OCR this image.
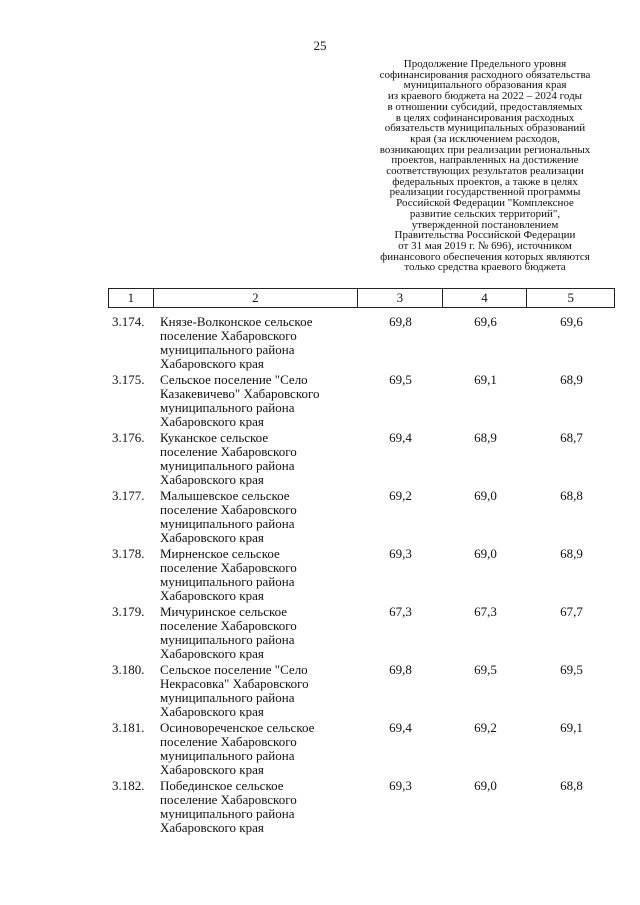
25
Продолжение Предельного уровня
софинансирования расходного обязательства
муниципального образования края
из краевого бюджета на 2022 – 2024 годы
в отношении субсидий, предоставляемых
в целях софинансирования расходных
обязательств муниципальных образований
края (за исключением расходов,
возникающих при реализации региональных
проектов, направленных на достижение
соответствующих результатов реализации
федеральных проектов, а также в целях
реализации государственной программы
Российской Федерации "Комплексное
развитие сельских территорий",
утвержденной постановлением
Правительства Российской Федерации
от 31 мая 2019 г. № 696), источником
финансового обеспечения которых являются
только средства краевого бюджета
1	2	3	4	5
3.174.	Князе-Волконское сельское
поселение Хабаровского
муниципального района
Хабаровского края
69,8	69,6	69,6
3.175.	Сельское поселение "Село
Казакевичево" Хабаровского
муниципального района
Хабаровского края
69,5	69,1	68,9
3.176.	Куканское сельское
поселение Хабаровского
муниципального района
Хабаровского края
69,4	68,9	68,7
3.177.	Малышевское сельское
поселение Хабаровского
муниципального района
Хабаровского края
69,2	69,0	68,8
3.178.	Мирненское сельское
поселение Хабаровского
муниципального района
Хабаровского края
69,3	69,0	68,9
3.179.	Мичуринское сельское
поселение Хабаровского
муниципального района
Хабаровского края
67,3	67,3	67,7
3.180.	Сельское поселение "Село
Некрасовка" Хабаровского
муниципального района
Хабаровского края
69,8	69,5	69,5
3.181.	Осиновореченское сельское
поселение Хабаровского
муниципального района
Хабаровского края
69,4	69,2	69,1
3.182.	Побединское сельское
поселение Хабаровского
муниципального района
Хабаровского края
69,3	69,0	68,8
